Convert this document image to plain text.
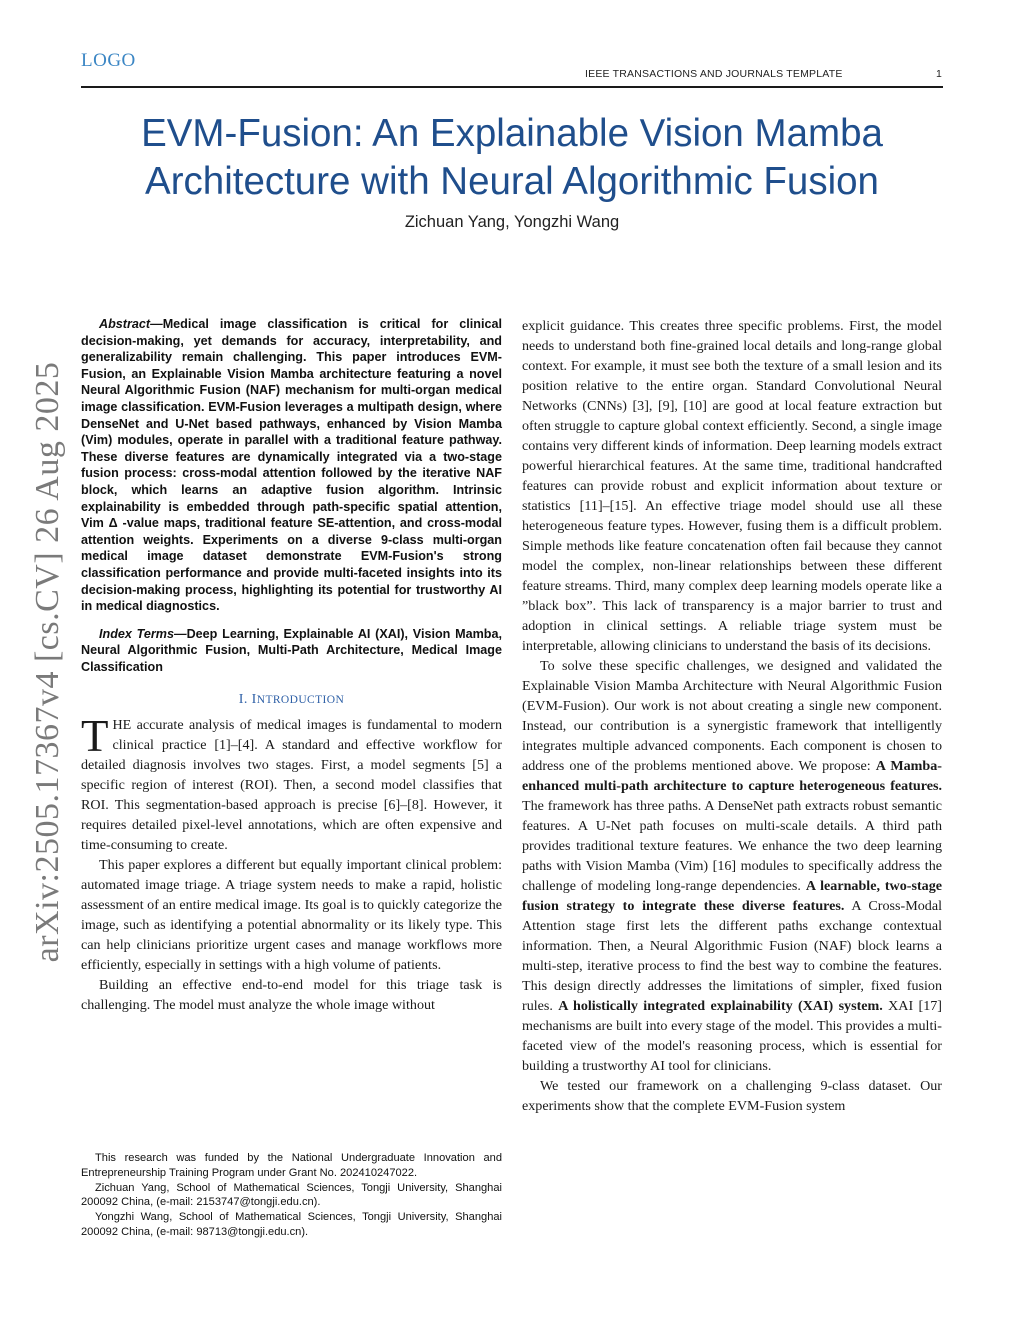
LOGO
IEEE TRANSACTIONS AND JOURNALS TEMPLATE	1
EVM-Fusion: An Explainable Vision Mamba Architecture with Neural Algorithmic Fusion
Zichuan Yang, Yongzhi Wang
arXiv:2505.17367v4 [cs.CV] 26 Aug 2025

Abstract—Medical image classification is critical for clinical decision-making, yet demands for accuracy, interpretability, and generalizability remain challenging. This paper introduces EVM-Fusion, an Explainable Vision Mamba architecture featuring a novel Neural Algorithmic Fusion (NAF) mechanism for multi-organ medical image classification. EVM-Fusion leverages a multipath design, where DenseNet and U-Net based pathways, enhanced by Vision Mamba (Vim) modules, operate in parallel with a traditional feature pathway. These diverse features are dynamically integrated via a two-stage fusion process: cross-modal attention followed by the iterative NAF block, which learns an adaptive fusion algorithm. Intrinsic explainability is embedded through path-specific spatial attention, Vim Δ -value maps, traditional feature SE-attention, and cross-modal attention weights. Experiments on a diverse 9-class multi-organ medical image dataset demonstrate EVM-Fusion's strong classification performance and provide multi-faceted insights into its decision-making process, highlighting its potential for trustworthy AI in medical diagnostics.

Index Terms—Deep Learning, Explainable AI (XAI), Vision Mamba, Neural Algorithmic Fusion, Multi-Path Architecture, Medical Image Classification

I. INTRODUCTION

THE accurate analysis of medical images is fundamental to modern clinical practice [1]–[4]. A standard and effective workflow for detailed diagnosis involves two stages. First, a model segments [5] a specific region of interest (ROI). Then, a second model classifies that ROI. This segmentation-based approach is precise [6]–[8]. However, it requires detailed pixel-level annotations, which are often expensive and time-consuming to create.

This paper explores a different but equally important clinical problem: automated image triage. A triage system needs to make a rapid, holistic assessment of an entire medical image. Its goal is to quickly categorize the image, such as identifying a potential abnormality or its likely type. This can help clinicians prioritize urgent cases and manage workflows more efficiently, especially in settings with a high volume of patients.

Building an effective end-to-end model for this triage task is challenging. The model must analyze the whole image without

This research was funded by the National Undergraduate Innovation and Entrepreneurship Training Program under Grant No. 202410247022.

Zichuan Yang, School of Mathematical Sciences, Tongji University, Shanghai 200092 China, (e-mail: 2153747@tongji.edu.cn).

Yongzhi Wang, School of Mathematical Sciences, Tongji University, Shanghai 200092 China, (e-mail: 98713@tongji.edu.cn).

explicit guidance. This creates three specific problems. First, the model needs to understand both fine-grained local details and long-range global context. For example, it must see both the texture of a small lesion and its position relative to the entire organ. Standard Convolutional Neural Networks (CNNs) [3], [9], [10] are good at local feature extraction but often struggle to capture global context efficiently. Second, a single image contains very different kinds of information. Deep learning models extract powerful hierarchical features. At the same time, traditional handcrafted features can provide robust and explicit information about texture or statistics [11]–[15]. An effective triage model should use all these heterogeneous feature types. However, fusing them is a difficult problem. Simple methods like feature concatenation often fail because they cannot model the complex, non-linear relationships between these different feature streams. Third, many complex deep learning models operate like a ”black box”. This lack of transparency is a major barrier to trust and adoption in clinical settings. A reliable triage system must be interpretable, allowing clinicians to understand the basis of its decisions.

To solve these specific challenges, we designed and validated the Explainable Vision Mamba Architecture with Neural Algorithmic Fusion (EVM-Fusion). Our work is not about creating a single new component. Instead, our contribution is a synergistic framework that intelligently integrates multiple advanced components. Each component is chosen to address one of the problems mentioned above. We propose: A Mamba-enhanced multi-path architecture to capture heterogeneous features. The framework has three paths. A DenseNet path extracts robust semantic features. A U-Net path focuses on multi-scale details. A third path provides traditional texture features. We enhance the two deep learning paths with Vision Mamba (Vim) [16] modules to specifically address the challenge of modeling long-range dependencies. A learnable, two-stage fusion strategy to integrate these diverse features. A Cross-Modal Attention stage first lets the different paths exchange contextual information. Then, a Neural Algorithmic Fusion (NAF) block learns a multi-step, iterative process to find the best way to combine the features. This design directly addresses the limitations of simpler, fixed fusion rules. A holistically integrated explainability (XAI) system. XAI [17] mechanisms are built into every stage of the model. This provides a multi-faceted view of the model's reasoning process, which is essential for building a trustworthy AI tool for clinicians.

We tested our framework on a challenging 9-class dataset. Our experiments show that the complete EVM-Fusion system
